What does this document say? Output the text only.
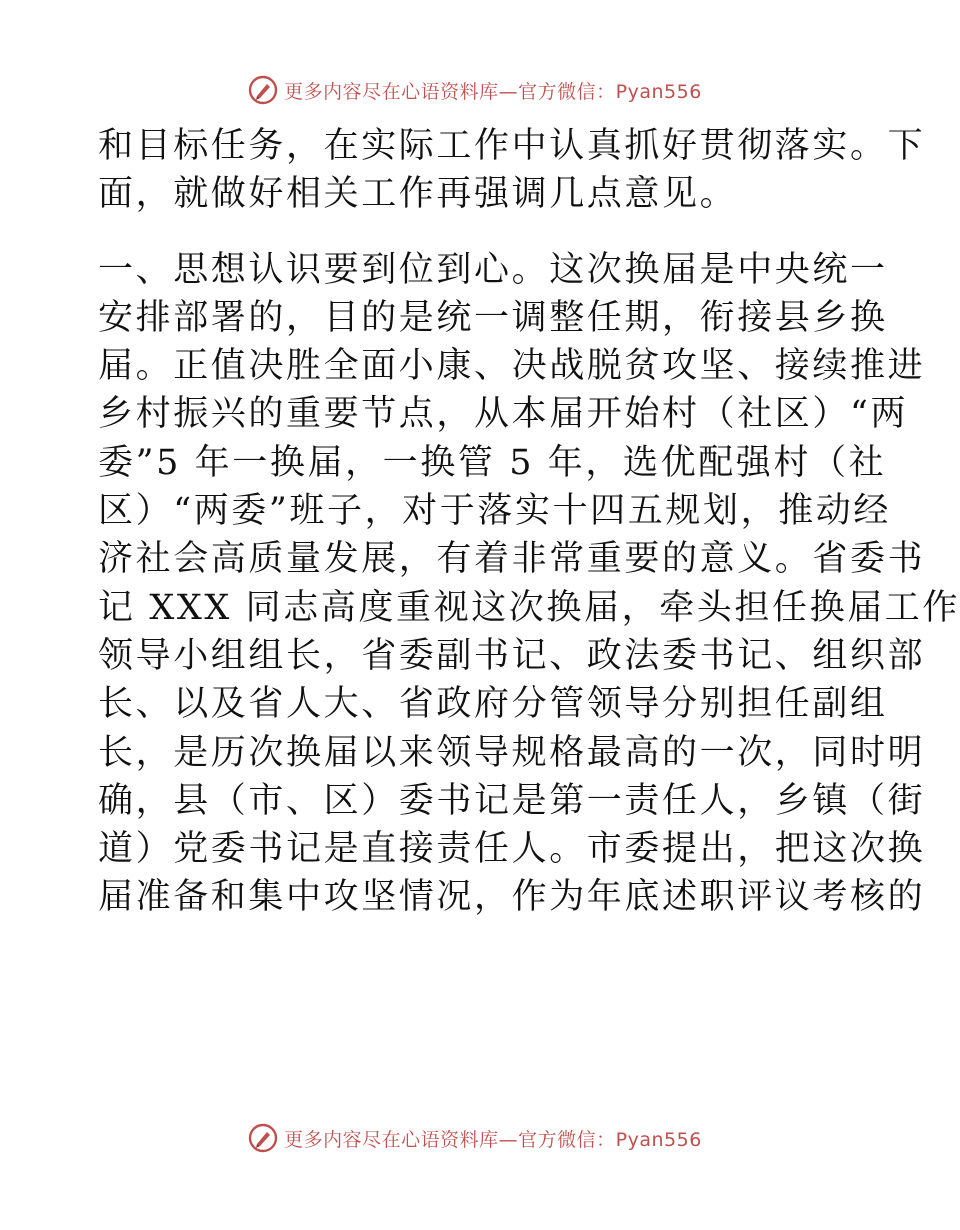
更多内容尽在心语资料库—官方微信：Pyan556
和目标任务，在实际工作中认真抓好贯彻落实。下
面，就做好相关工作再强调几点意见。
一、思想认识要到位到心。这次换届是中央统一
安排部署的，目的是统一调整任期，衔接县乡换
届。正值决胜全面小康、决战脱贫攻坚、接续推进
乡村振兴的重要节点，从本届开始村（社区）“两
委”5 年一换届，一换管 5 年，选优配强村（社
区）“两委”班子，对于落实十四五规划，推动经
济社会高质量发展，有着非常重要的意义。省委书
记 XXX 同志高度重视这次换届，牵头担任换届工作
领导小组组长，省委副书记、政法委书记、组织部
长、以及省人大、省政府分管领导分别担任副组
长，是历次换届以来领导规格最高的一次，同时明
确，县（市、区）委书记是第一责任人，乡镇（街
道）党委书记是直接责任人。市委提出，把这次换
届准备和集中攻坚情况，作为年底述职评议考核的
更多内容尽在心语资料库—官方微信：Pyan556
